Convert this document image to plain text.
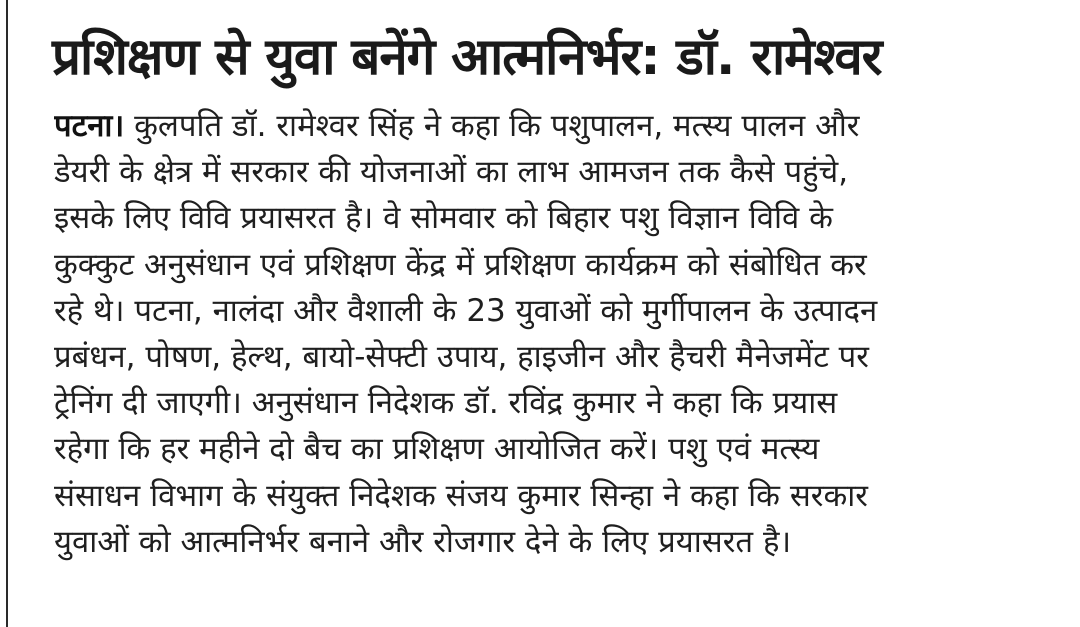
प्रशिक्षण से युवा बनेंगे आत्मनिर्भर: डॉ. रामेश्वर
पटना। कुलपति डॉ. रामेश्वर सिंह ने कहा कि पशुपालन, मत्स्य पालन और
डेयरी के क्षेत्र में सरकार की योजनाओं का लाभ आमजन तक कैसे पहुंचे,
इसके लिए विवि प्रयासरत है। वे सोमवार को बिहार पशु विज्ञान विवि के
कुक्कुट अनुसंधान एवं प्रशिक्षण केंद्र में प्रशिक्षण कार्यक्रम को संबोधित कर
रहे थे। पटना, नालंदा और वैशाली के 23 युवाओं को मुर्गीपालन के उत्पादन
प्रबंधन, पोषण, हेल्थ, बायो-सेफ्टी उपाय, हाइजीन और हैचरी मैनेजमेंट पर
ट्रेनिंग दी जाएगी। अनुसंधान निदेशक डॉ. रविंद्र कुमार ने कहा कि प्रयास
रहेगा कि हर महीने दो बैच का प्रशिक्षण आयोजित करें। पशु एवं मत्स्य
संसाधन विभाग के संयुक्त निदेशक संजय कुमार सिन्हा ने कहा कि सरकार
युवाओं को आत्मनिर्भर बनाने और रोजगार देने के लिए प्रयासरत है।
